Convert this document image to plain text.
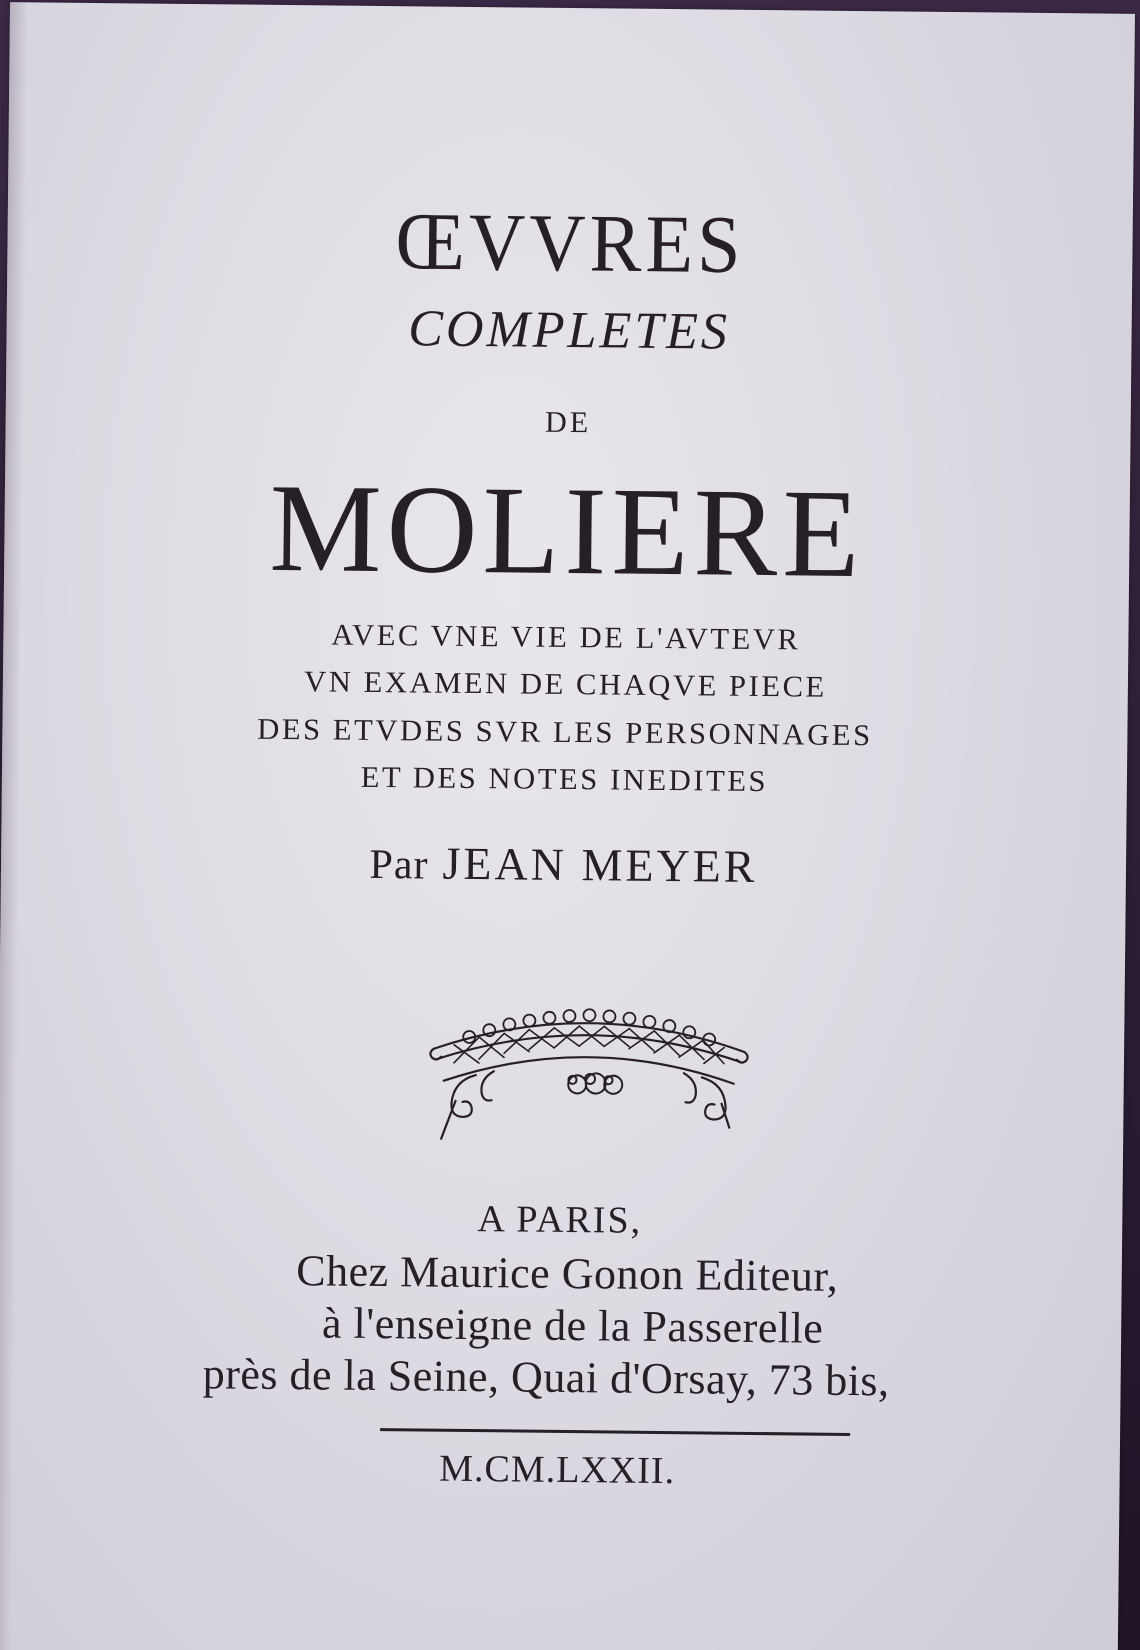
ŒVVRES
COMPLETES
DE
MOLIERE
AVEC VNE VIE DE L'AVTEVR
VN EXAMEN DE CHAQVE PIECE
DES ETVDES SVR LES PERSONNAGES
ET DES NOTES INEDITES
Par JEAN MEYER
A PARIS,
Chez Maurice Gonon Editeur,
à l'enseigne de la Passerelle
près de la Seine, Quai d'Orsay, 73 bis,
M.CM.LXXII.
